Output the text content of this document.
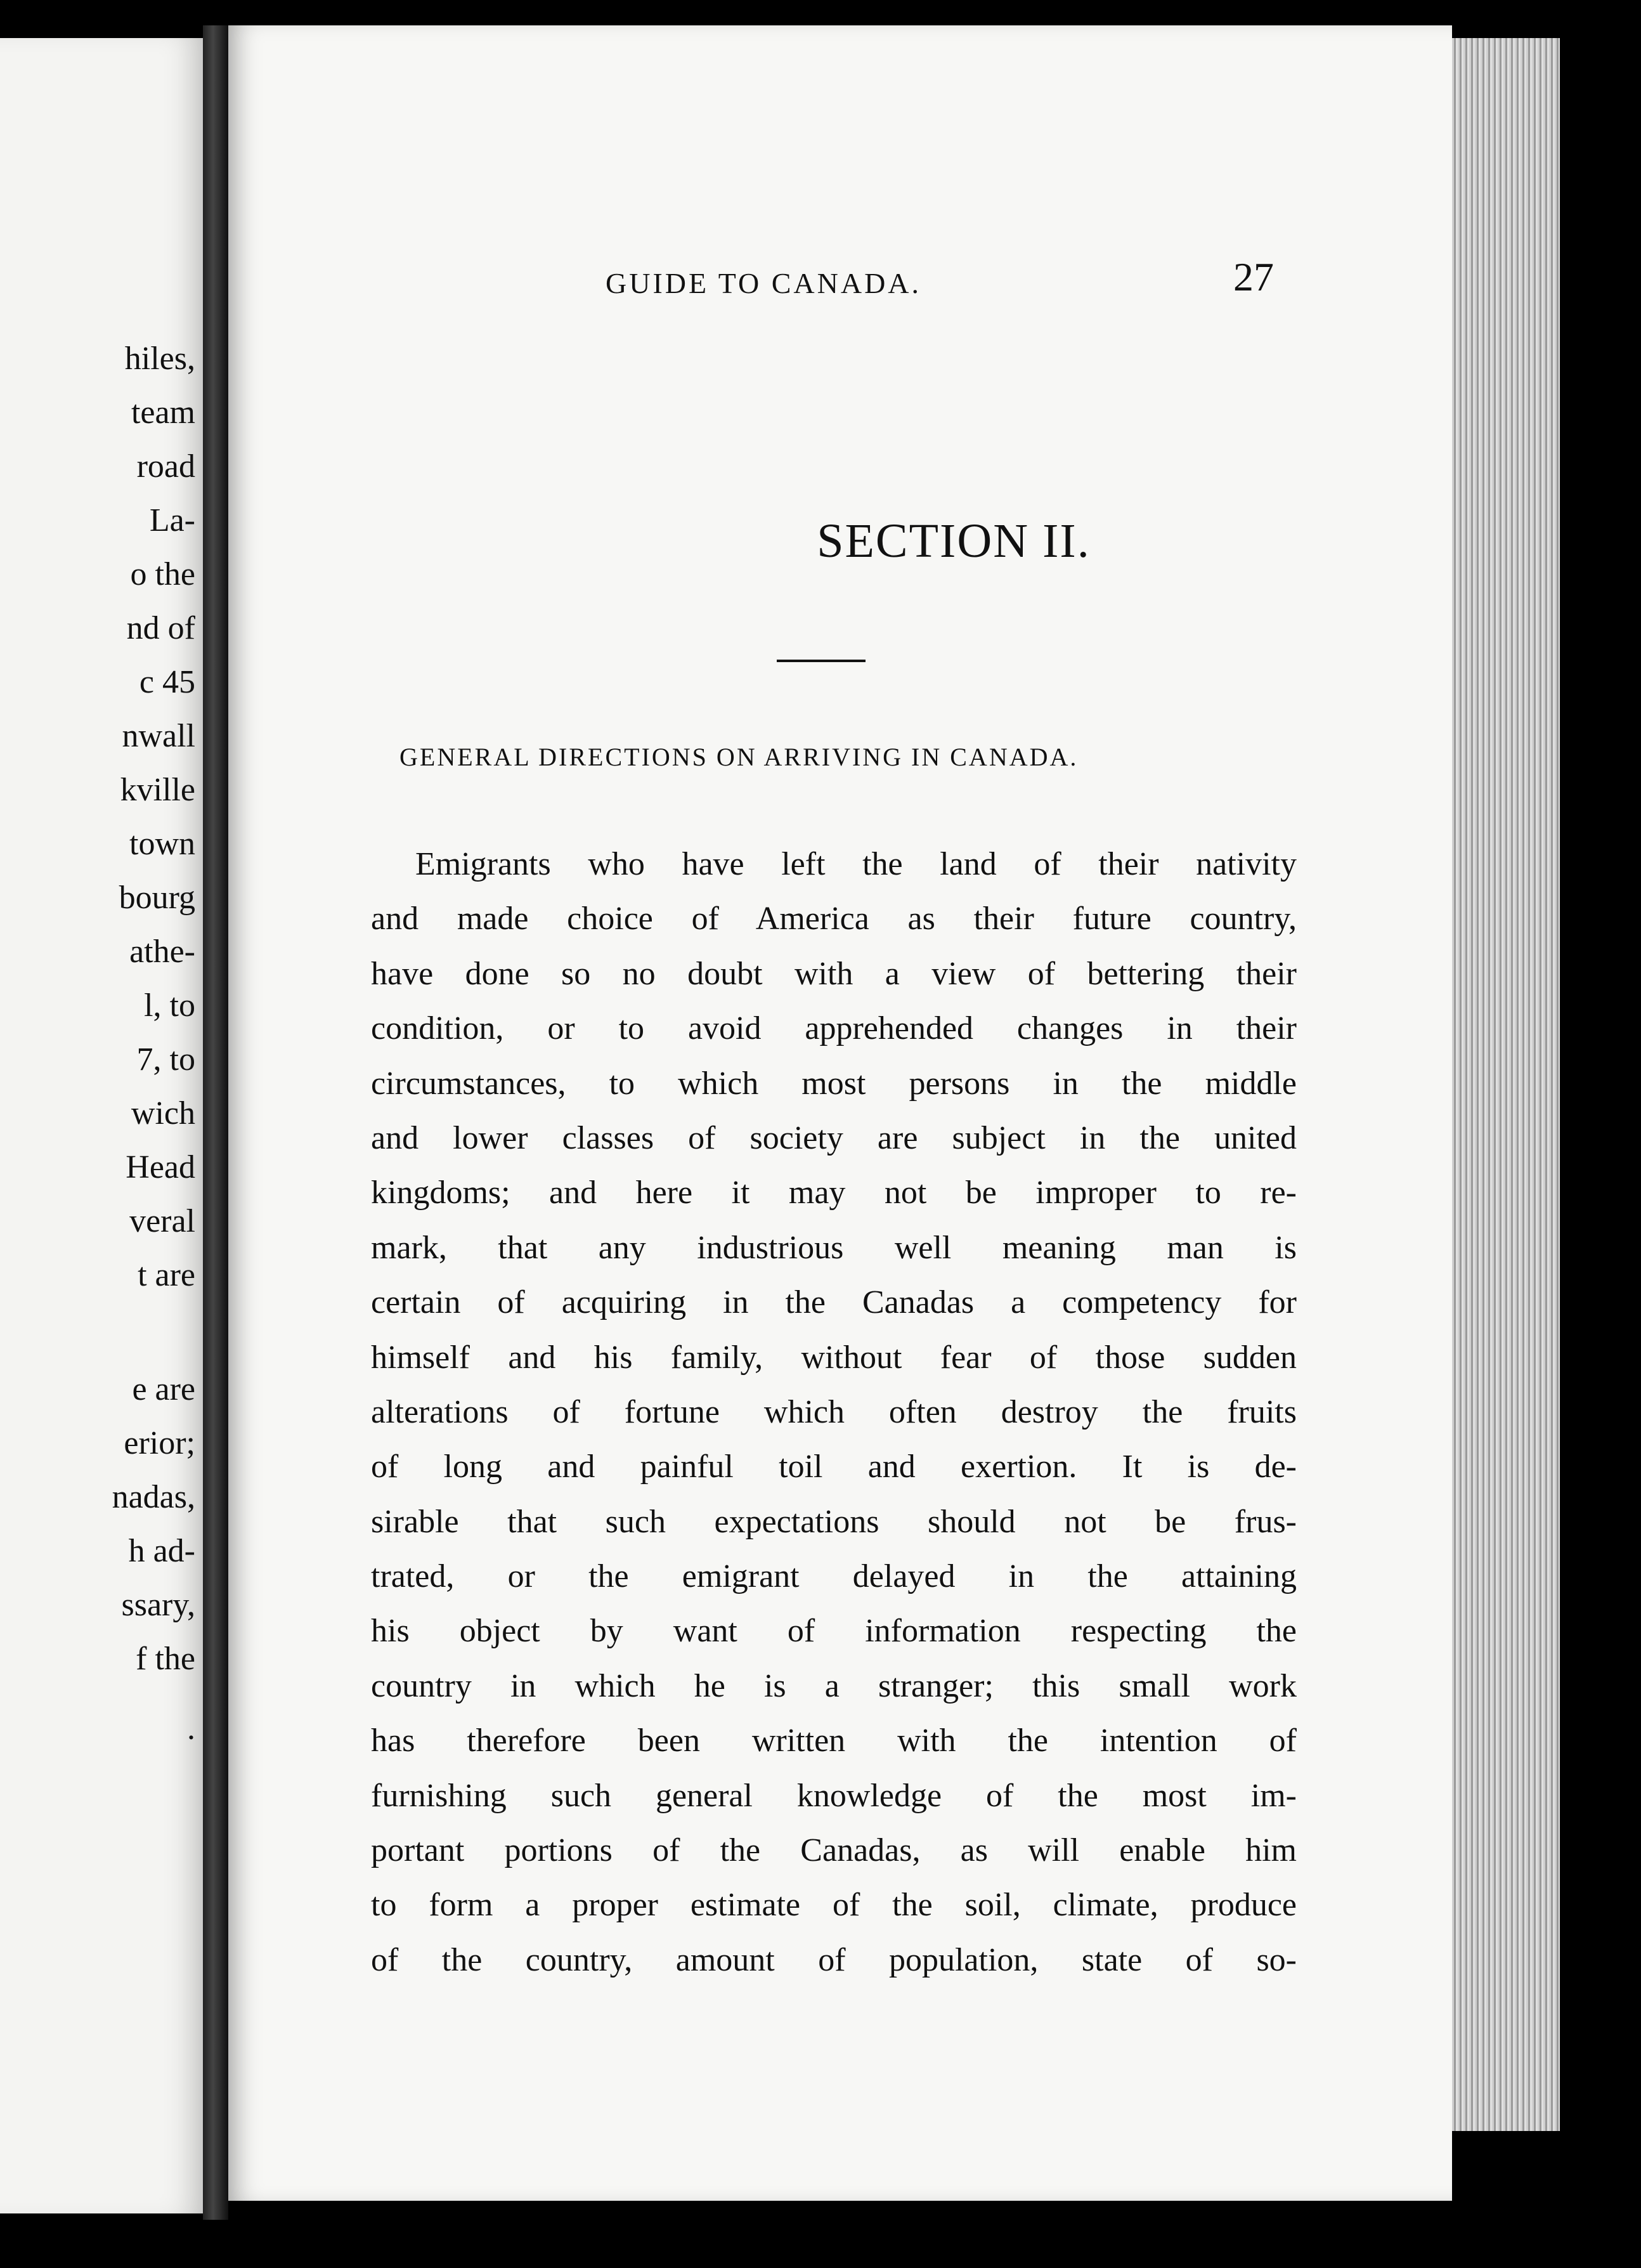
hiles,
team
road
La-
o the
nd of
c 45
nwall
kville
town
bourg
athe-
l, to
7, to
wich
Head
veral
t are
e are
erior;
nadas,
h ad-
ssary,
f the
.
GUIDE TO CANADA.	27
SECTION II.
GENERAL DIRECTIONS ON ARRIVING IN CANADA.
Emigrants who have left the land of their nativity
and made choice of America as their future country,
have done so no doubt with a view of bettering their
condition, or to avoid apprehended changes in their
circumstances, to which most persons in the middle
and lower classes of society are subject in the united
kingdoms; and here it may not be improper to re-
mark, that any industrious well meaning man is
certain of acquiring in the Canadas a competency for
himself and his family, without fear of those sudden
alterations of fortune which often destroy the fruits
of long and painful toil and exertion. It is de-
sirable that such expectations should not be frus-
trated, or the emigrant delayed in the attaining
his object by want of information respecting the
country in which he is a stranger; this small work
has therefore been written with the intention of
furnishing such general knowledge of the most im-
portant portions of the Canadas, as will enable him
to form a proper estimate of the soil, climate, produce
of the country, amount of population, state of so-
